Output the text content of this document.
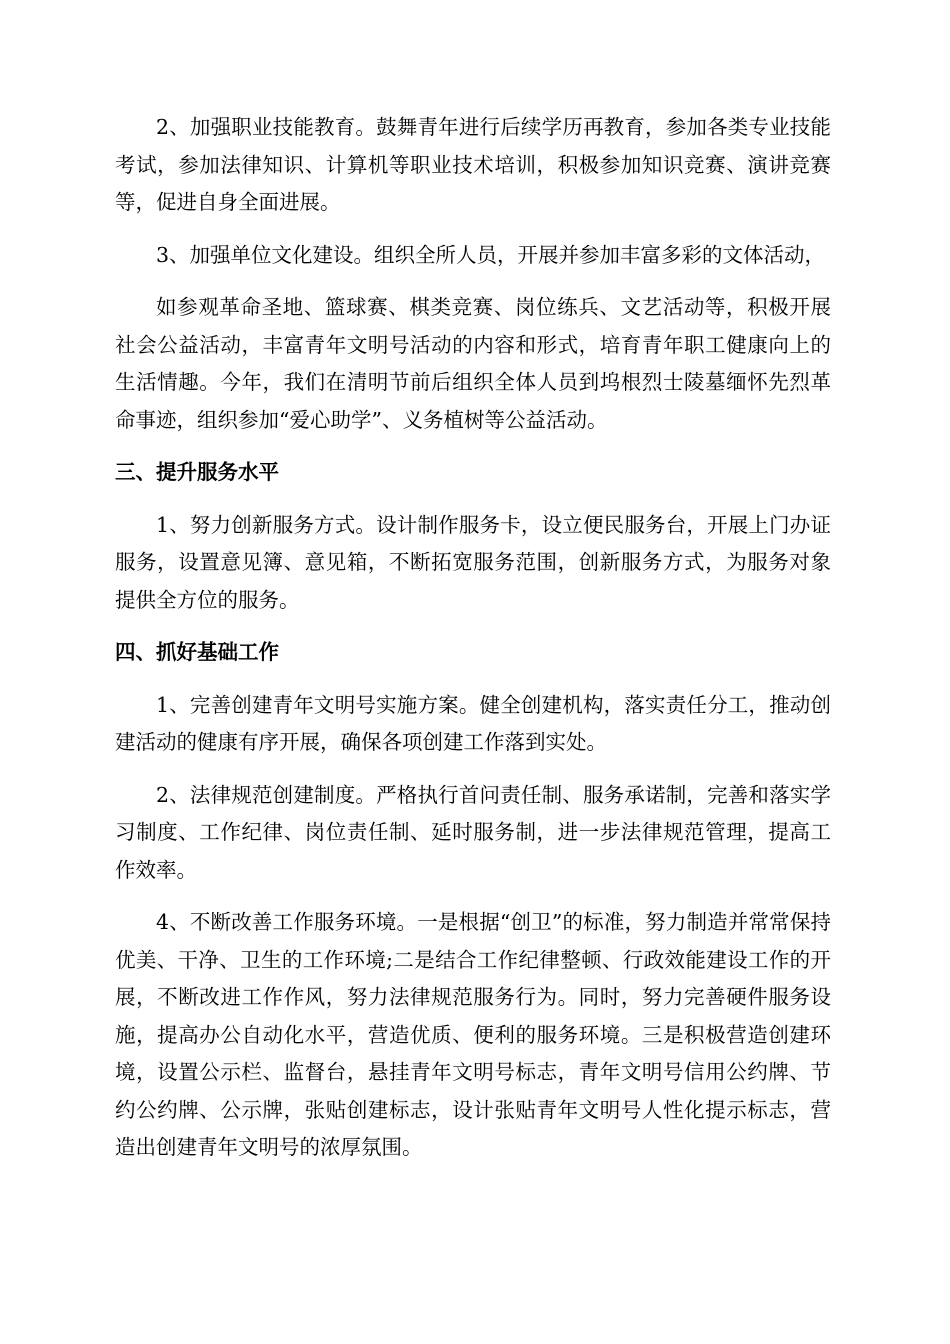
2、加强职业技能教育。鼓舞青年进行后续学历再教育，参加各类专业技能考试，参加法律知识、计算机等职业技术培训，积极参加知识竞赛、演讲竞赛等，促进自身全面进展。

3、加强单位文化建设。组织全所人员，开展并参加丰富多彩的文体活动，

如参观革命圣地、篮球赛、棋类竞赛、岗位练兵、文艺活动等，积极开展社会公益活动，丰富青年文明号活动的内容和形式，培育青年职工健康向上的生活情趣。今年，我们在清明节前后组织全体人员到坞根烈士陵墓缅怀先烈革命事迹，组织参加“爱心助学”、义务植树等公益活动。

三、提升服务水平

1、努力创新服务方式。设计制作服务卡，设立便民服务台，开展上门办证服务，设置意见簿、意见箱，不断拓宽服务范围，创新服务方式，为服务对象提供全方位的服务。

四、抓好基础工作

1、完善创建青年文明号实施方案。健全创建机构，落实责任分工，推动创建活动的健康有序开展，确保各项创建工作落到实处。

2、法律规范创建制度。严格执行首问责任制、服务承诺制，完善和落实学习制度、工作纪律、岗位责任制、延时服务制，进一步法律规范管理，提高工作效率。

4、不断改善工作服务环境。一是根据“创卫”的标准，努力制造并常常保持优美、干净、卫生的工作环境;二是结合工作纪律整顿、行政效能建设工作的开展，不断改进工作作风，努力法律规范服务行为。同时，努力完善硬件服务设施，提高办公自动化水平，营造优质、便利的服务环境。三是积极营造创建环境，设置公示栏、监督台，悬挂青年文明号标志，青年文明号信用公约牌、节约公约牌、公示牌，张贴创建标志，设计张贴青年文明号人性化提示标志，营造出创建青年文明号的浓厚氛围。
